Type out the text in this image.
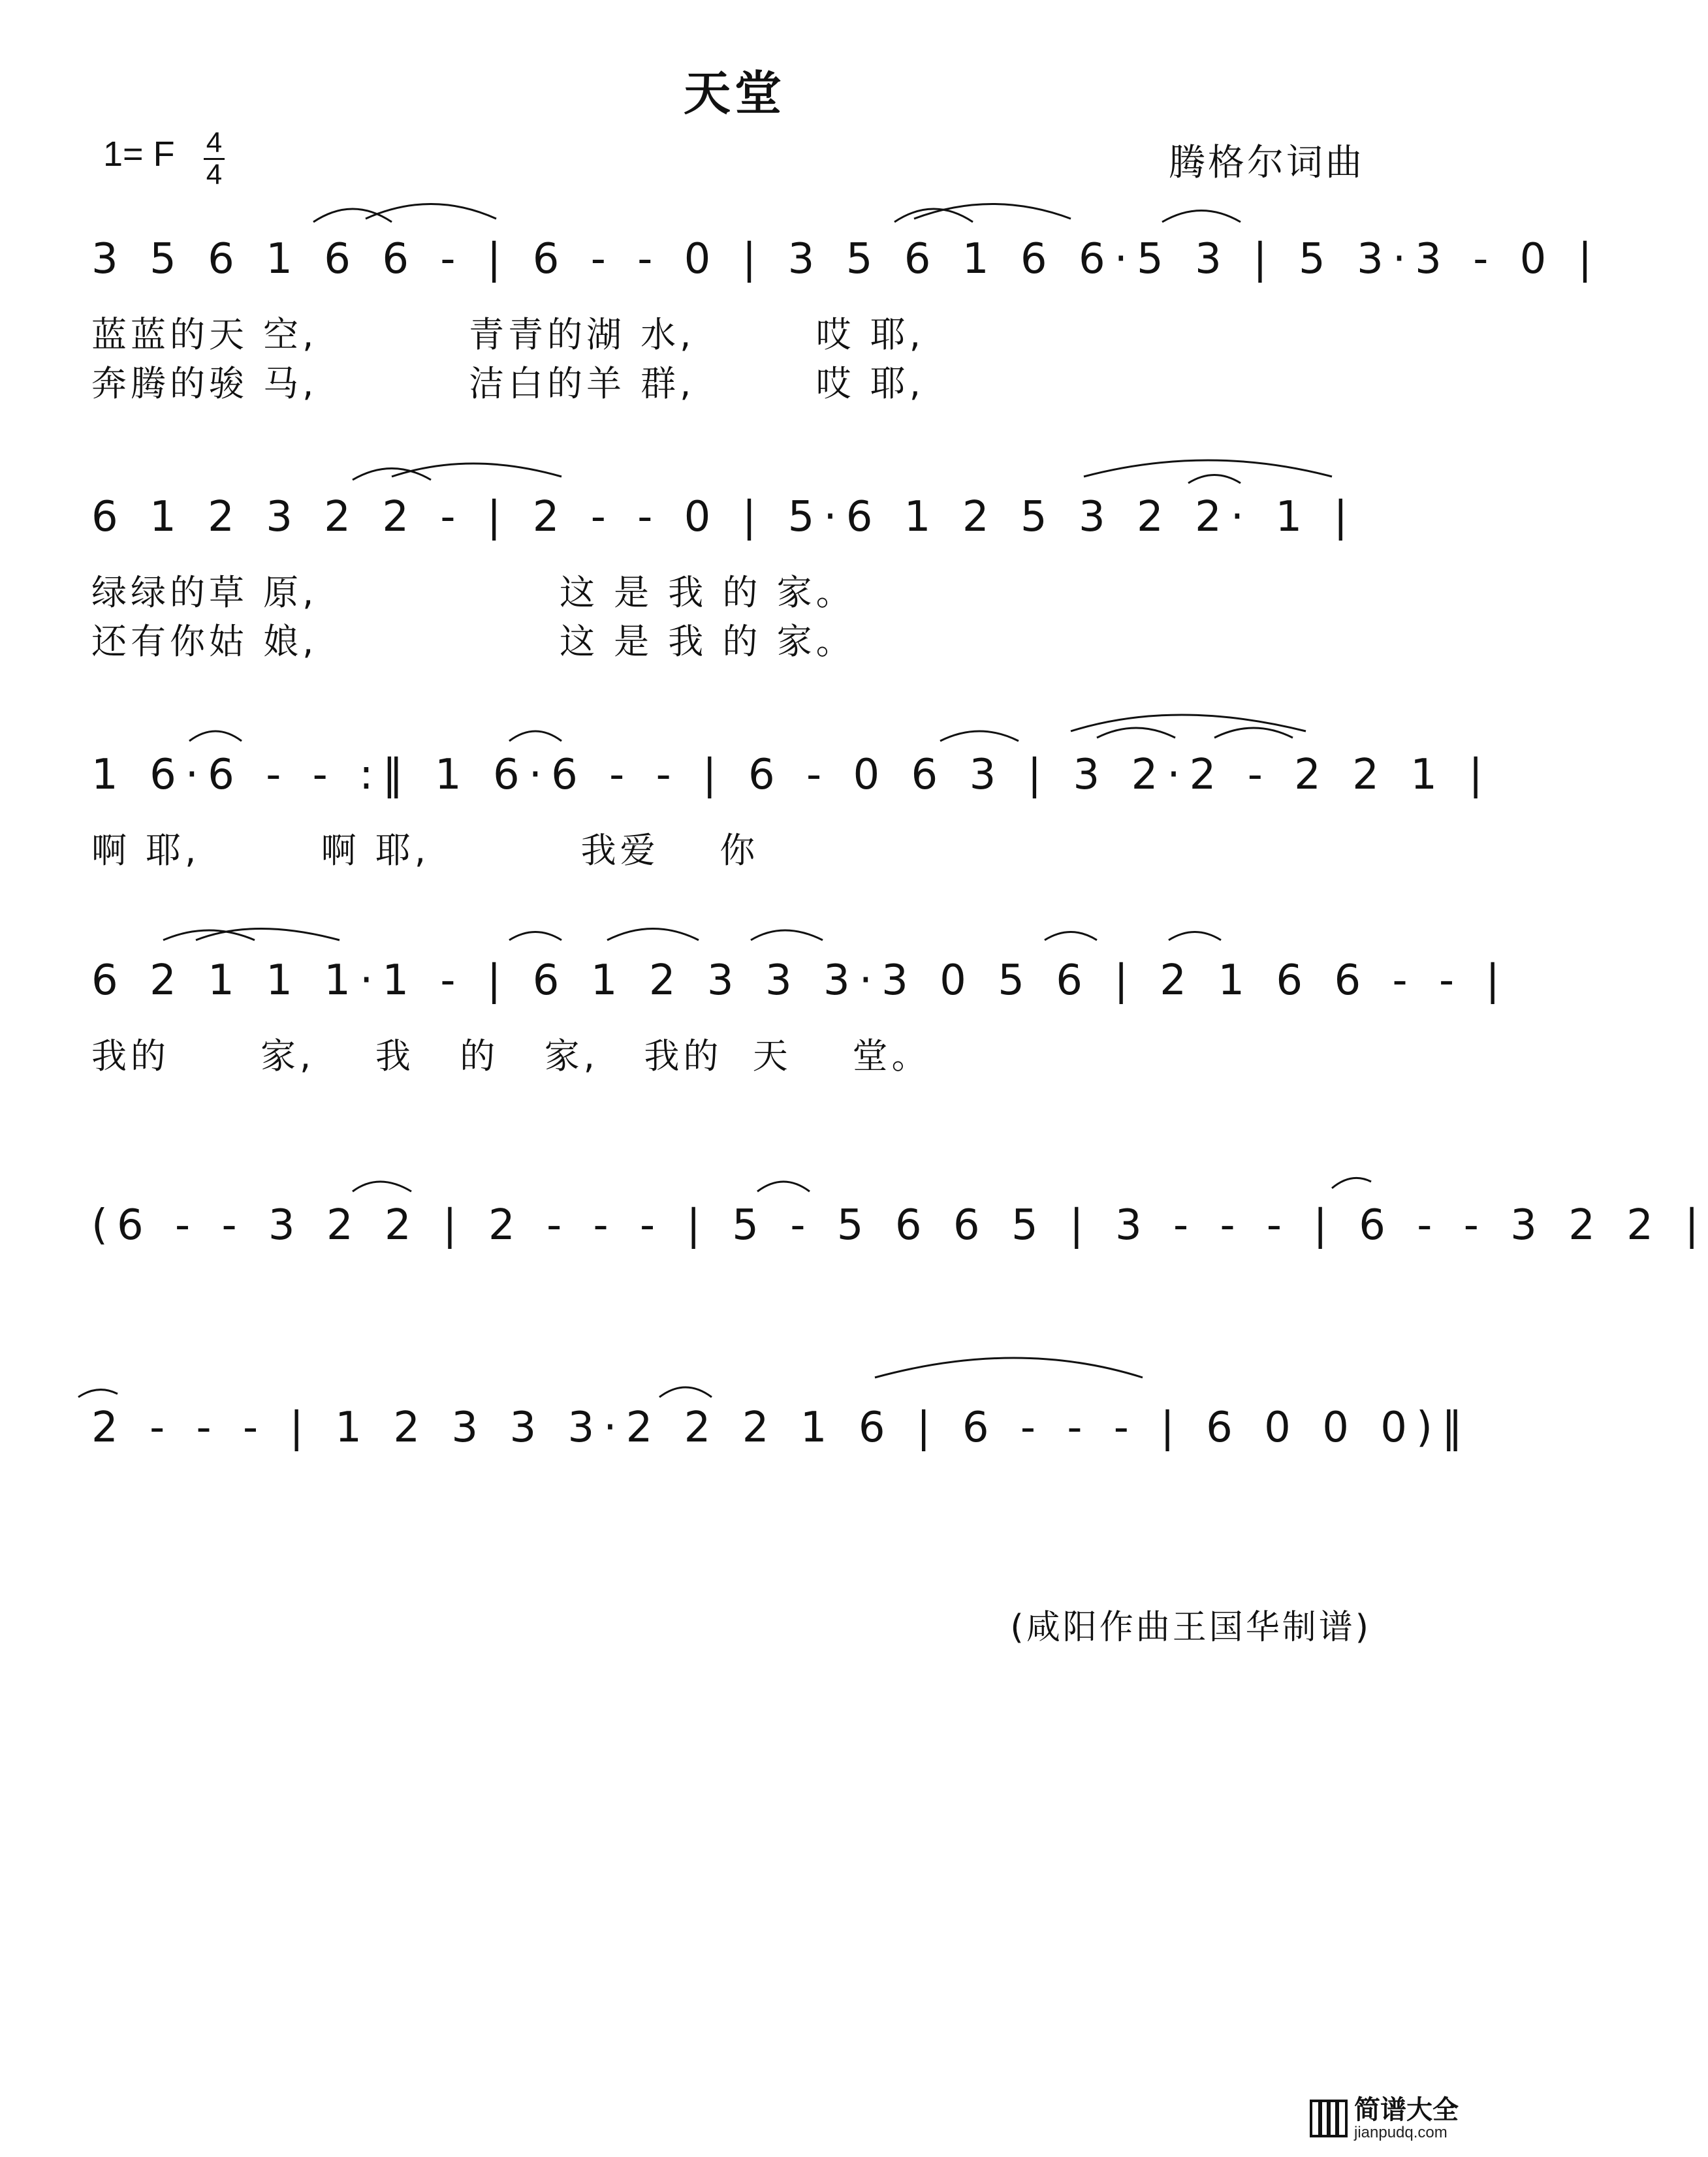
天堂
1= F 4
4	腾格尔词曲
3 5 6 1 6 6 - | 6 - - 0 | 3 5 6 1 6 6·5 3 | 5 3·3 - 0 |
蓝蓝的天 空,          青青的湖 水,        哎 耶,
奔腾的骏 马,          洁白的羊 群,        哎 耶,
6 1 2 3 2 2 - | 2 - - 0 | 5·6 1 2 5 3 2 2· 1 |
绿绿的草 原,                这 是 我 的 家。
还有你姑 娘,                这 是 我 的 家。
1 6·6 - - :‖ 1 6·6 - - | 6 - 0 6 3 | 3 2·2 - 2 2 1 |
啊 耶,        啊 耶,          我爱    你
6 2 1 1 1·1 - | 6 1 2 3 3 3·3 0 5 6 | 2 1 6 6 - - |
我的      家,    我   的   家,   我的  天    堂。
(6 - - 3 2 2 | 2 - - - | 5 - 5 6 6 5 | 3 - - - | 6 - - 3 2 2 |
2 - - - | 1 2 3 3 3·2 2 2 1 6 | 6 - - - | 6 0 0 0)‖
(咸阳作曲王国华制谱)
简谱大全
jianpudq.com
